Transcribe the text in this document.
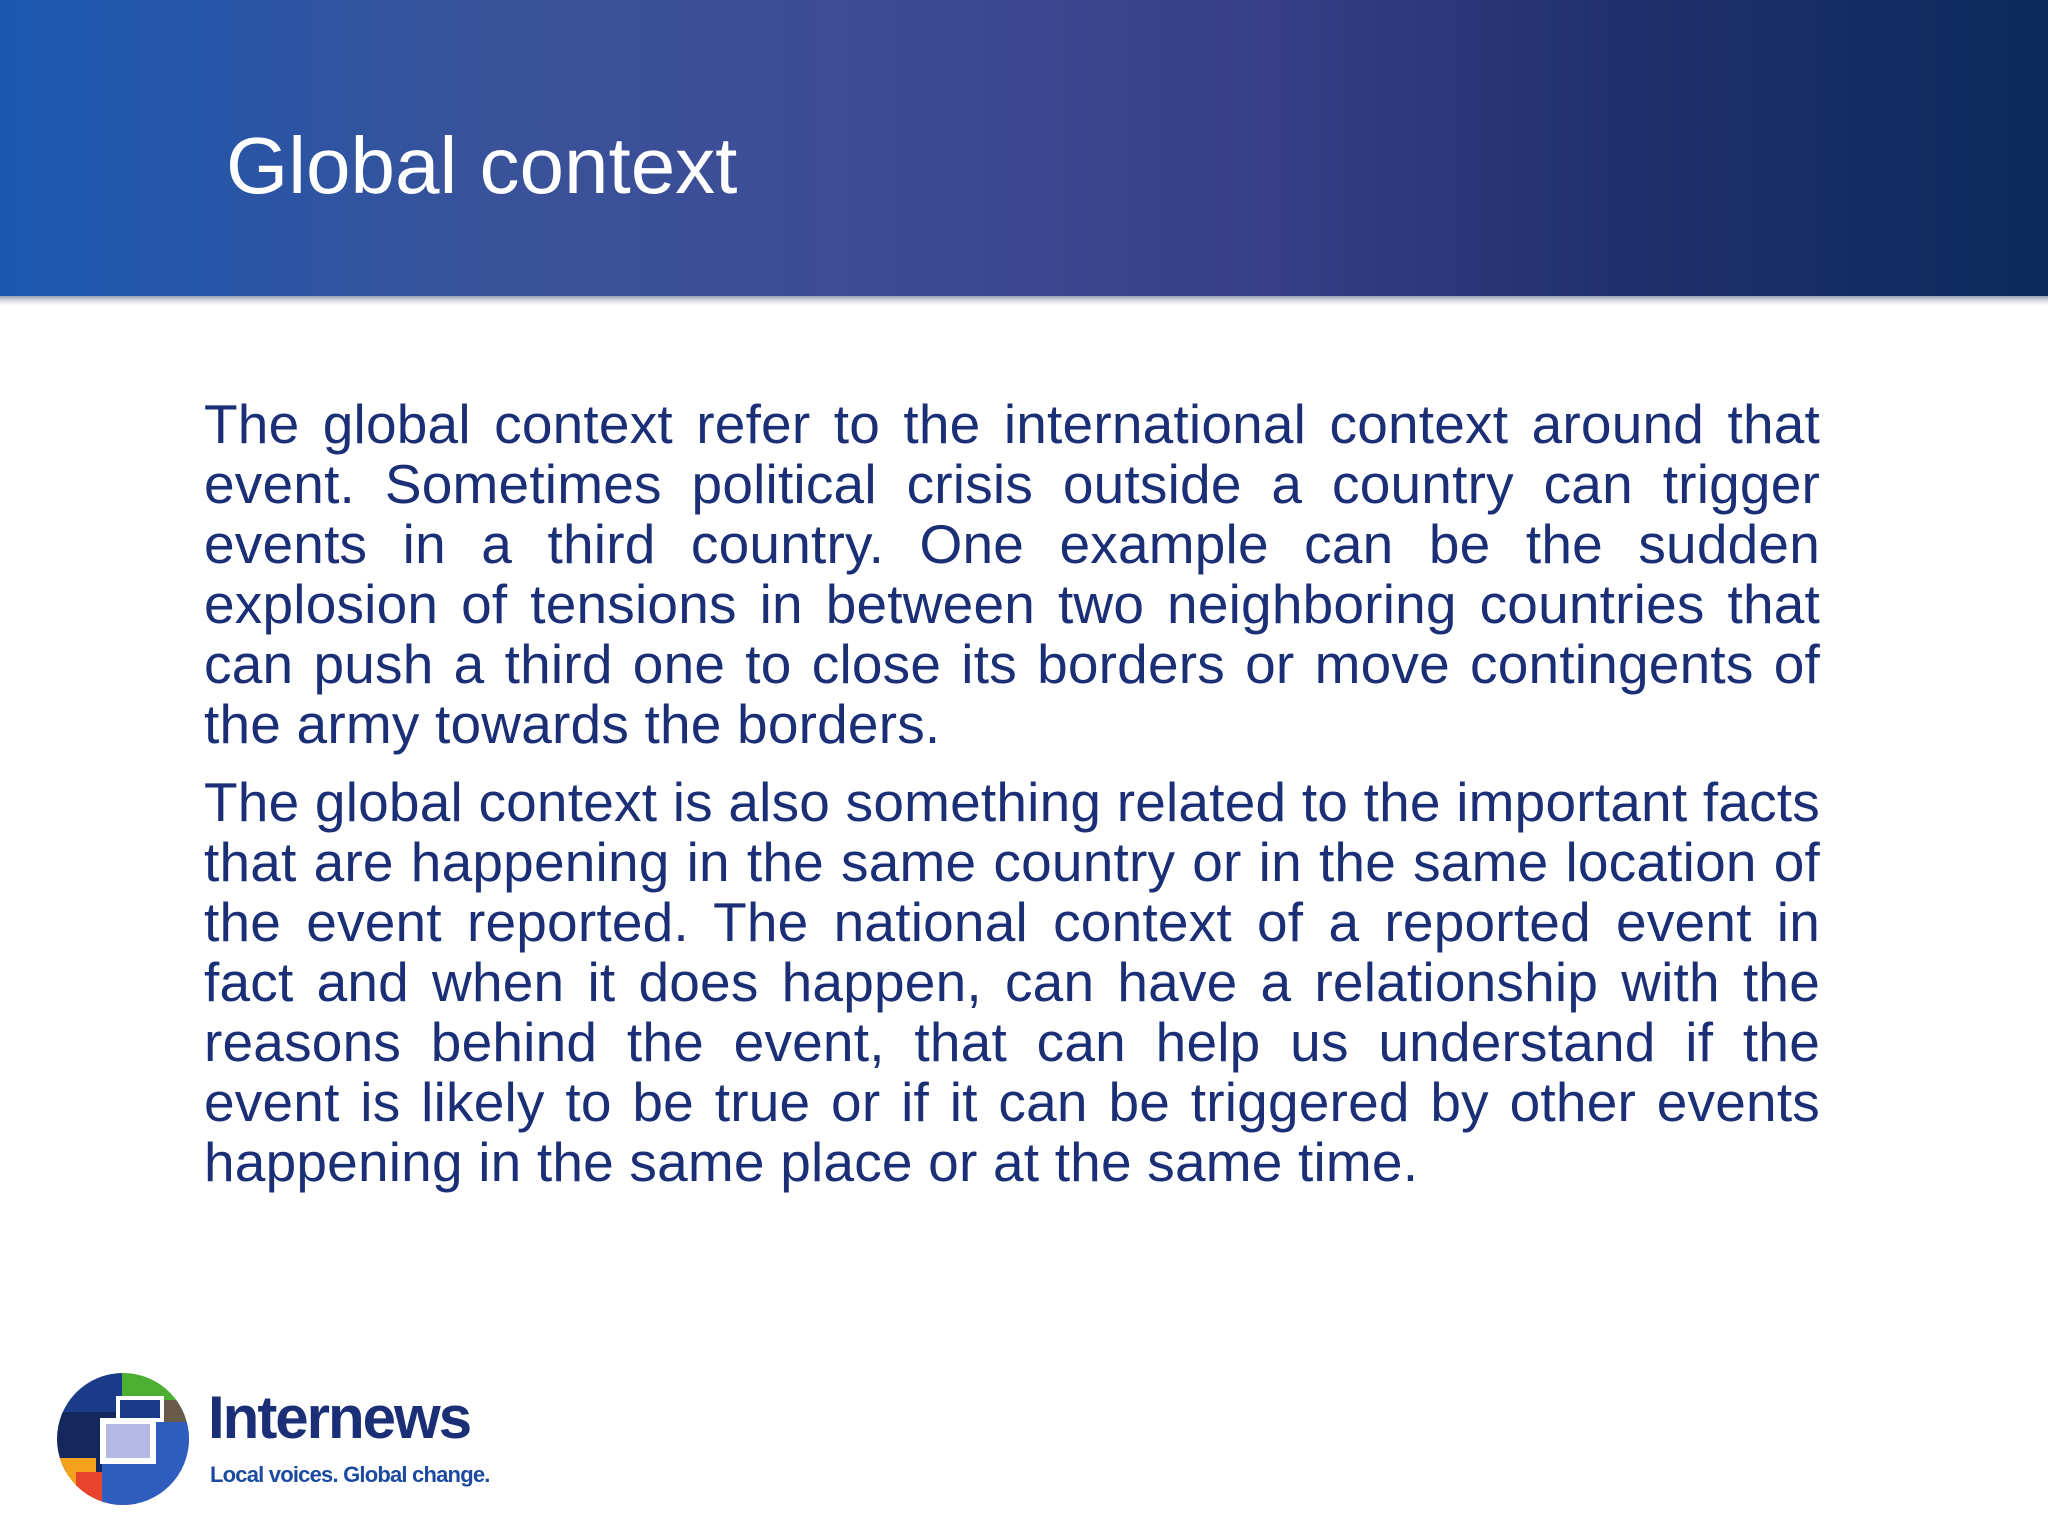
Global context

The global context refer to the international context around that event. Sometimes political crisis outside a country can trigger events in a third country. One example can be the sudden explosion of tensions in between two neighboring countries that can push a third one to close its borders or move contingents of the army towards the borders.

The global context is also something related to the important facts that are happening in the same country or in the same location of the event reported. The national context of a reported event in fact and when it does happen, can have a relationship with the reasons behind the event, that can help us understand if the event is likely to be true or if it can be triggered by other events happening in the same place or at the same time.

Internews
Local voices. Global change.
